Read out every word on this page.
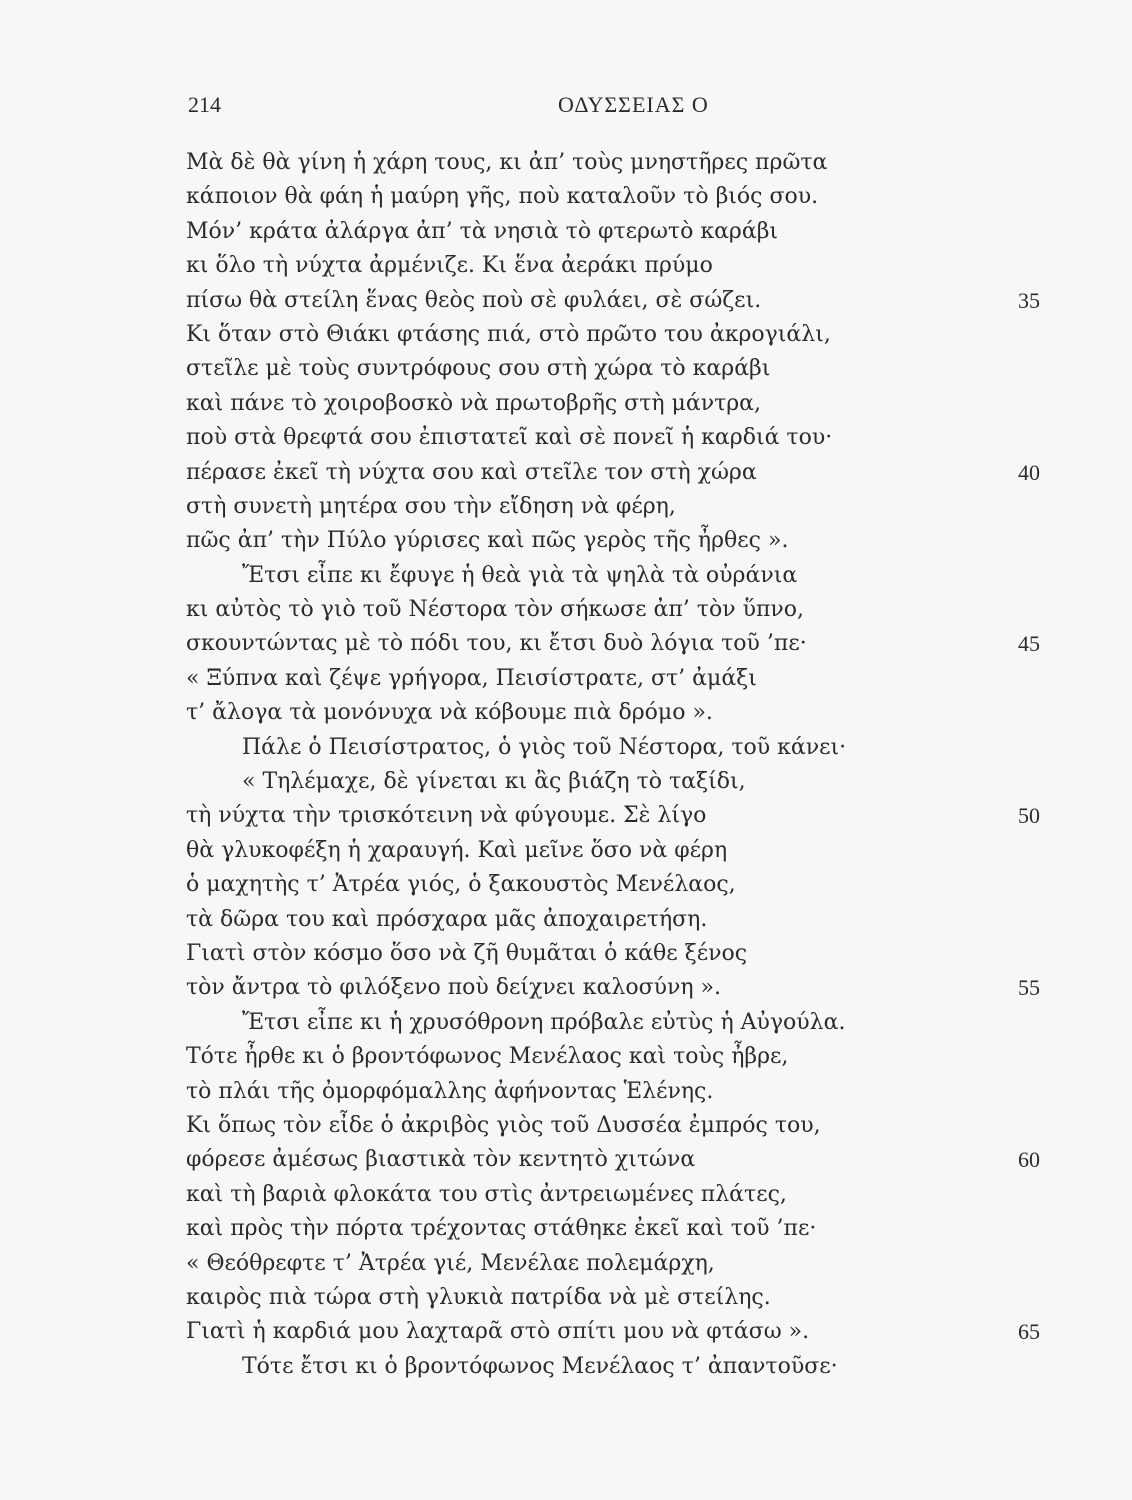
214	ΟΔΥΣΣΕΙΑΣ Ο
Μὰ δὲ θὰ γίνη ἡ χάρη τους, κι ἀπ’ τοὺς μνηστῆρες πρῶτα
κάποιον θὰ φάη ἡ μαύρη γῆς, ποὺ καταλοῦν τὸ βιός σου.
Μόν’ κράτα ἀλάργα ἀπ’ τὰ νησιὰ τὸ φτερωτὸ καράβι
κι ὅλο τὴ νύχτα ἀρμένιζε. Κι ἕνα ἀεράκι πρύμο
πίσω θὰ στείλη ἕνας θεὸς ποὺ σὲ φυλάει, σὲ σώζει.	35
Κι ὅταν στὸ Θιάκι φτάσης πιά, στὸ πρῶτο του ἀκρογιάλι,
στεῖλε μὲ τοὺς συντρόφους σου στὴ χώρα τὸ καράβι
καὶ πάνε τὸ χοιροβοσκὸ νὰ πρωτοβρῆς στὴ μάντρα,
ποὺ στὰ θρεφτά σου ἐπιστατεῖ καὶ σὲ πονεῖ ἡ καρδιά του·
πέρασε ἐκεῖ τὴ νύχτα σου καὶ στεῖλε τον στὴ χώρα	40
στὴ συνετὴ μητέρα σου τὴν εἴδηση νὰ φέρη,
πῶς ἀπ’ τὴν Πύλο γύρισες καὶ πῶς γερὸς τῆς ἦρθες ».
Ἔτσι εἶπε κι ἔφυγε ἡ θεὰ γιὰ τὰ ψηλὰ τὰ οὐράνια
κι αὐτὸς τὸ γιὸ τοῦ Νέστορα τὸν σήκωσε ἀπ’ τὸν ὕπνο,
σκουντώντας μὲ τὸ πόδι του, κι ἔτσι δυὸ λόγια τοῦ ’πε·	45
« Ξύπνα καὶ ζέψε γρήγορα, Πεισίστρατε, στ’ ἀμάξι
τ’ ἄλογα τὰ μονόνυχα νὰ κόβουμε πιὰ δρόμο ».
Πάλε ὁ Πεισίστρατος, ὁ γιὸς τοῦ Νέστορα, τοῦ κάνει·
« Τηλέμαχε, δὲ γίνεται κι ἂς βιάζη τὸ ταξίδι,
τὴ νύχτα τὴν τρισκότεινη νὰ φύγουμε. Σὲ λίγο	50
θὰ γλυκοφέξη ἡ χαραυγή. Καὶ μεῖνε ὅσο νὰ φέρη
ὁ μαχητὴς τ’ Ἀτρέα γιός, ὁ ξακουστὸς Μενέλαος,
τὰ δῶρα του καὶ πρόσχαρα μᾶς ἀποχαιρετήση.
Γιατὶ στὸν κόσμο ὅσο νὰ ζῆ θυμᾶται ὁ κάθε ξένος
τὸν ἄντρα τὸ φιλόξενο ποὺ δείχνει καλοσύνη ».	55
Ἔτσι εἶπε κι ἡ χρυσόθρονη πρόβαλε εὐτὺς ἡ Αὐγούλα.
Τότε ἦρθε κι ὁ βροντόφωνος Μενέλαος καὶ τοὺς ἦβρε,
τὸ πλάι τῆς ὀμορφόμαλλης ἀφήνοντας Ἑλένης.
Κι ὅπως τὸν εἶδε ὁ ἀκριβὸς γιὸς τοῦ Δυσσέα ἐμπρός του,
φόρεσε ἀμέσως βιαστικὰ τὸν κεντητὸ χιτώνα	60
καὶ τὴ βαριὰ φλοκάτα του στὶς ἀντρειωμένες πλάτες,
καὶ πρὸς τὴν πόρτα τρέχοντας στάθηκε ἐκεῖ καὶ τοῦ ’πε·
« Θεόθρεφτε τ’ Ἀτρέα γιέ, Μενέλαε πολεμάρχη,
καιρὸς πιὰ τώρα στὴ γλυκιὰ πατρίδα νὰ μὲ στείλης.
Γιατὶ ἡ καρδιά μου λαχταρᾶ στὸ σπίτι μου νὰ φτάσω ».	65
Τότε ἔτσι κι ὁ βροντόφωνος Μενέλαος τ’ ἀπαντοῦσε·
